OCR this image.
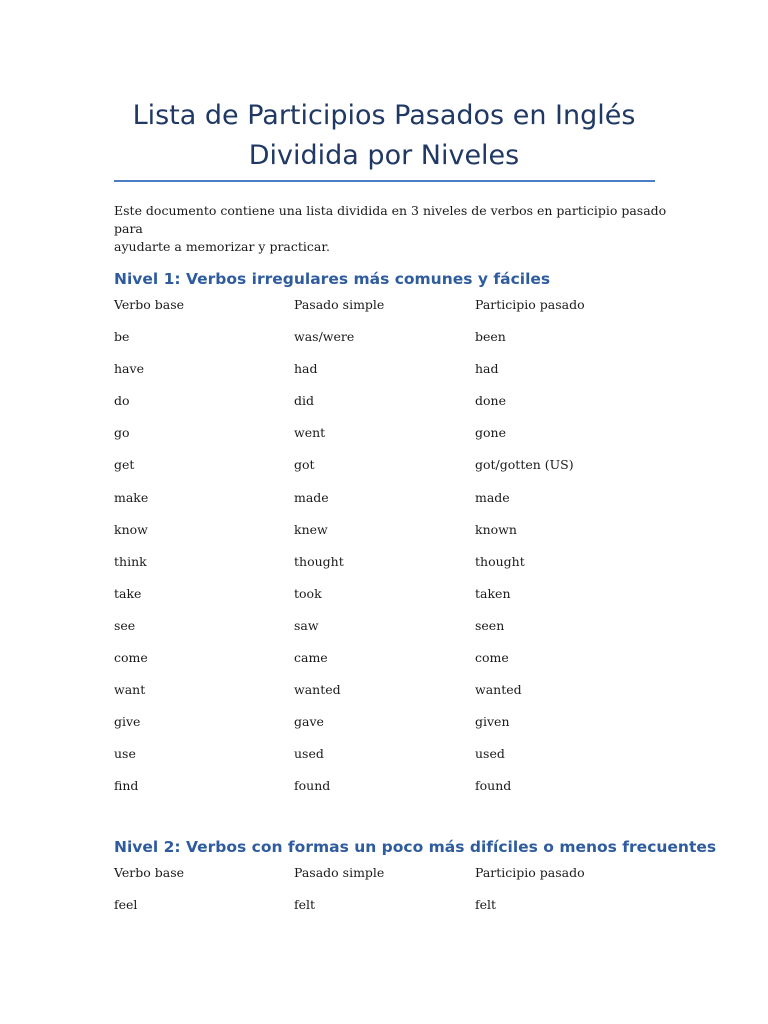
Lista de Participios Pasados en Inglés
Dividida por Niveles

Este documento contiene una lista dividida en 3 niveles de verbos en participio pasado para
ayudarte a memorizar y practicar.

Nivel 1: Verbos irregulares más comunes y fáciles
Verbo base	Pasado simple	Participio pasado
be	was/were	been
have	had	had
do	did	done
go	went	gone
get	got	got/gotten (US)
make	made	made
know	knew	known
think	thought	thought
take	took	taken
see	saw	seen
come	came	come
want	wanted	wanted
give	gave	given
use	used	used
find	found	found
Nivel 2: Verbos con formas un poco más difíciles o menos frecuentes
Verbo base	Pasado simple	Participio pasado
feel	felt	felt
